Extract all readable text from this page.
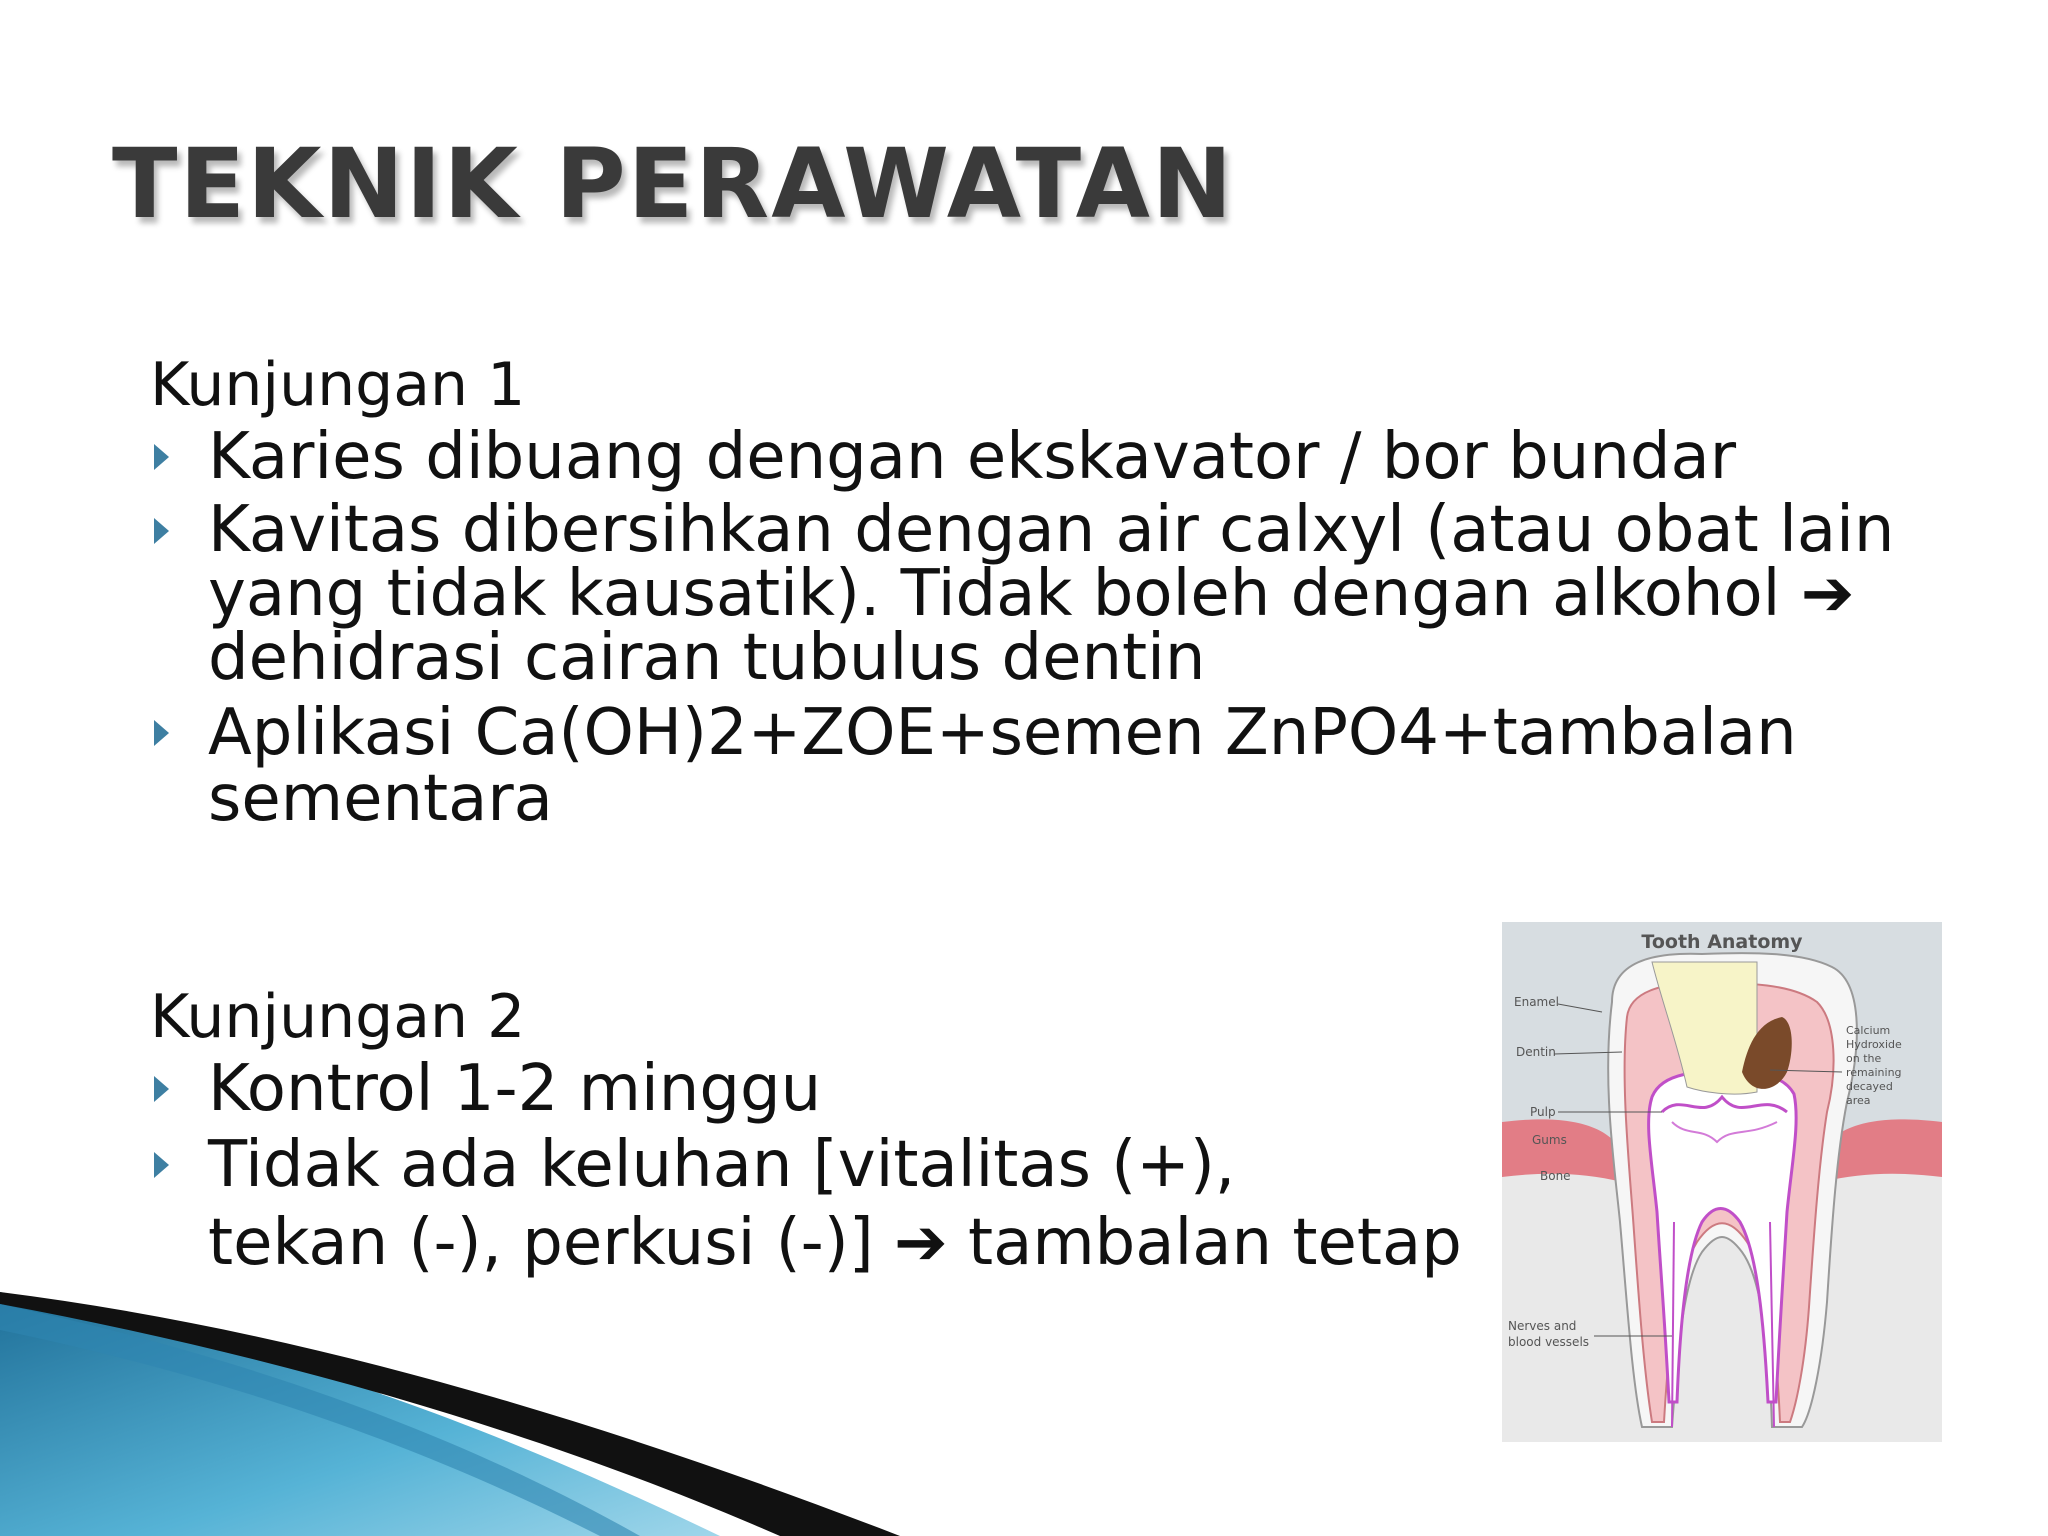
TEKNIK PERAWATAN
Kunjungan 1
Karies dibuang dengan ekskavator / bor bundar
Kavitas dibersihkan dengan air calxyl (atau obat lain yang tidak kausatik). Tidak boleh dengan alkohol ➔ dehidrasi cairan tubulus dentin
Aplikasi Ca(OH)2+ZOE+semen ZnPO4+tambalan sementara
Kunjungan 2
Kontrol 1-2 minggu
Tidak ada keluhan [vitalitas (+),
tekan (-), perkusi (-)] ➔ tambalan tetap
Tooth Anatomy
Enamel
Dentin
Pulp
Gums
Bone
Nerves and
blood vessels
Calcium
Hydroxide
on the
remaining
decayed
area
